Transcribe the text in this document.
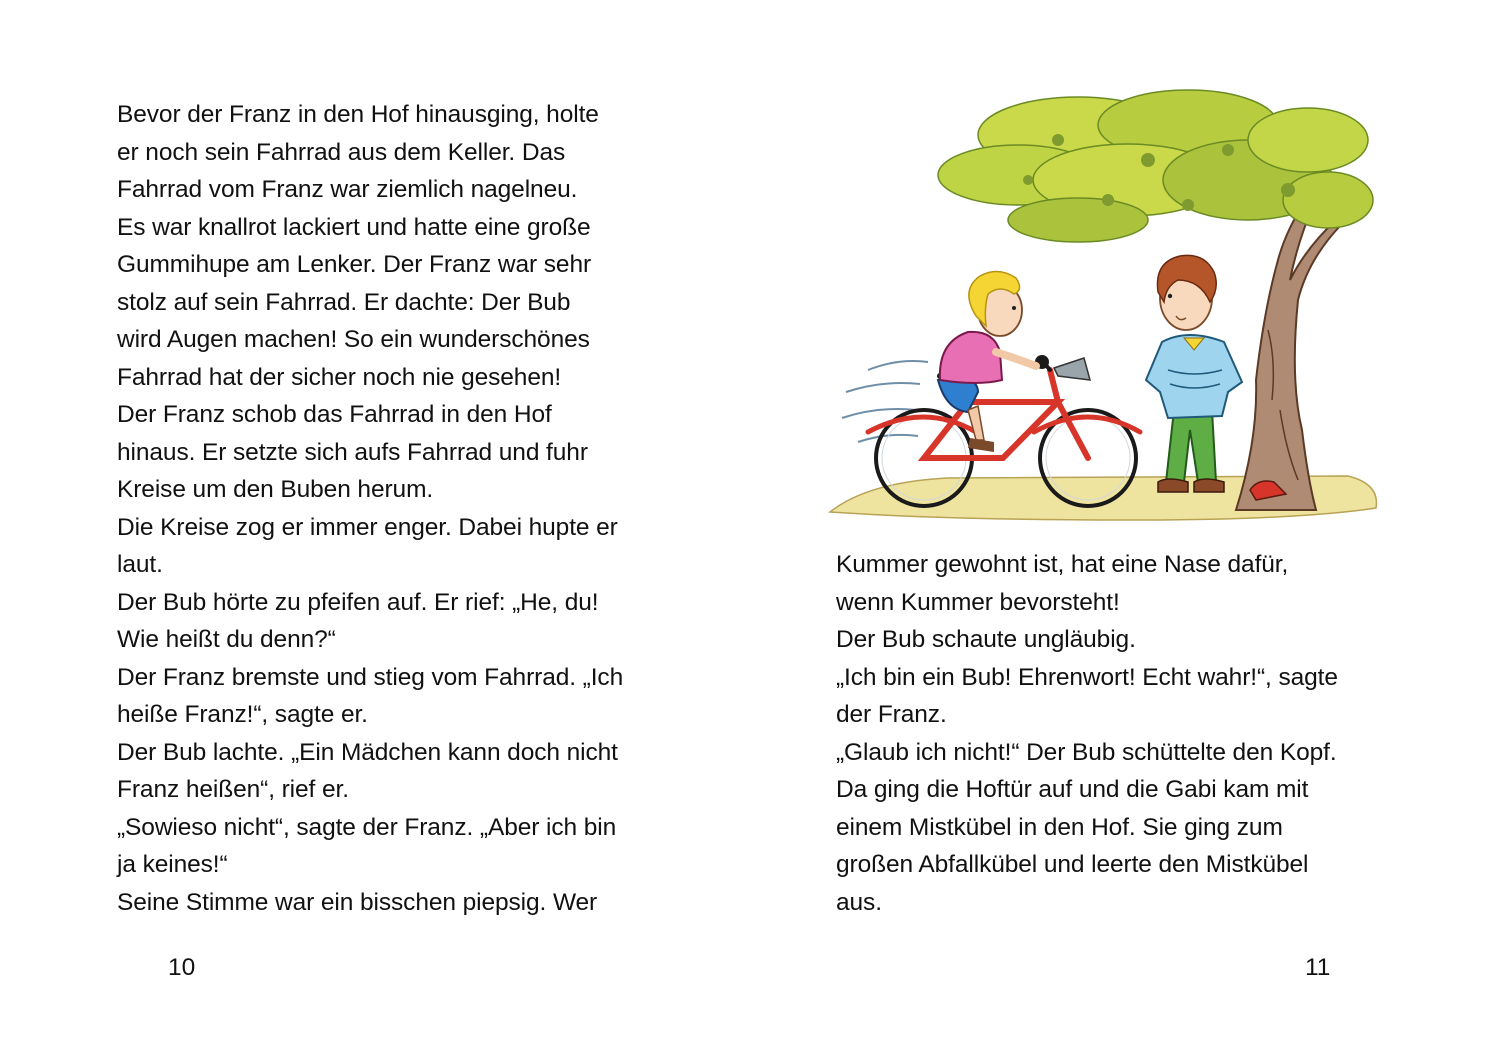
Bevor der Franz in den Hof hinausging, holte
er noch sein Fahrrad aus dem Keller. Das
Fahrrad vom Franz war ziemlich nagelneu.
Es war knallrot lackiert und hatte eine große
Gummihupe am Lenker. Der Franz war sehr
stolz auf sein Fahrrad. Er dachte: Der Bub
wird Augen machen! So ein wunderschönes
Fahrrad hat der sicher noch nie gesehen!
Der Franz schob das Fahrrad in den Hof
hinaus. Er setzte sich aufs Fahrrad und fuhr
Kreise um den Buben herum.
Die Kreise zog er immer enger. Dabei hupte er
laut.
Der Bub hörte zu pfeifen auf. Er rief: „He, du!
Wie heißt du denn?“
Der Franz bremste und stieg vom Fahrrad. „Ich
heiße Franz!“, sagte er.
Der Bub lachte. „Ein Mädchen kann doch nicht
Franz heißen“, rief er.
„Sowieso nicht“, sagte der Franz. „Aber ich bin
ja keines!“
Seine Stimme war ein bisschen piepsig. Wer
10
Kummer gewohnt ist, hat eine Nase dafür,
wenn Kummer bevorsteht!
Der Bub schaute ungläubig.
„Ich bin ein Bub! Ehrenwort! Echt wahr!“, sagte
der Franz.
„Glaub ich nicht!“ Der Bub schüttelte den Kopf.
Da ging die Hoftür auf und die Gabi kam mit
einem Mistkübel in den Hof. Sie ging zum
großen Abfallkübel und leerte den Mistkübel
aus.
11
